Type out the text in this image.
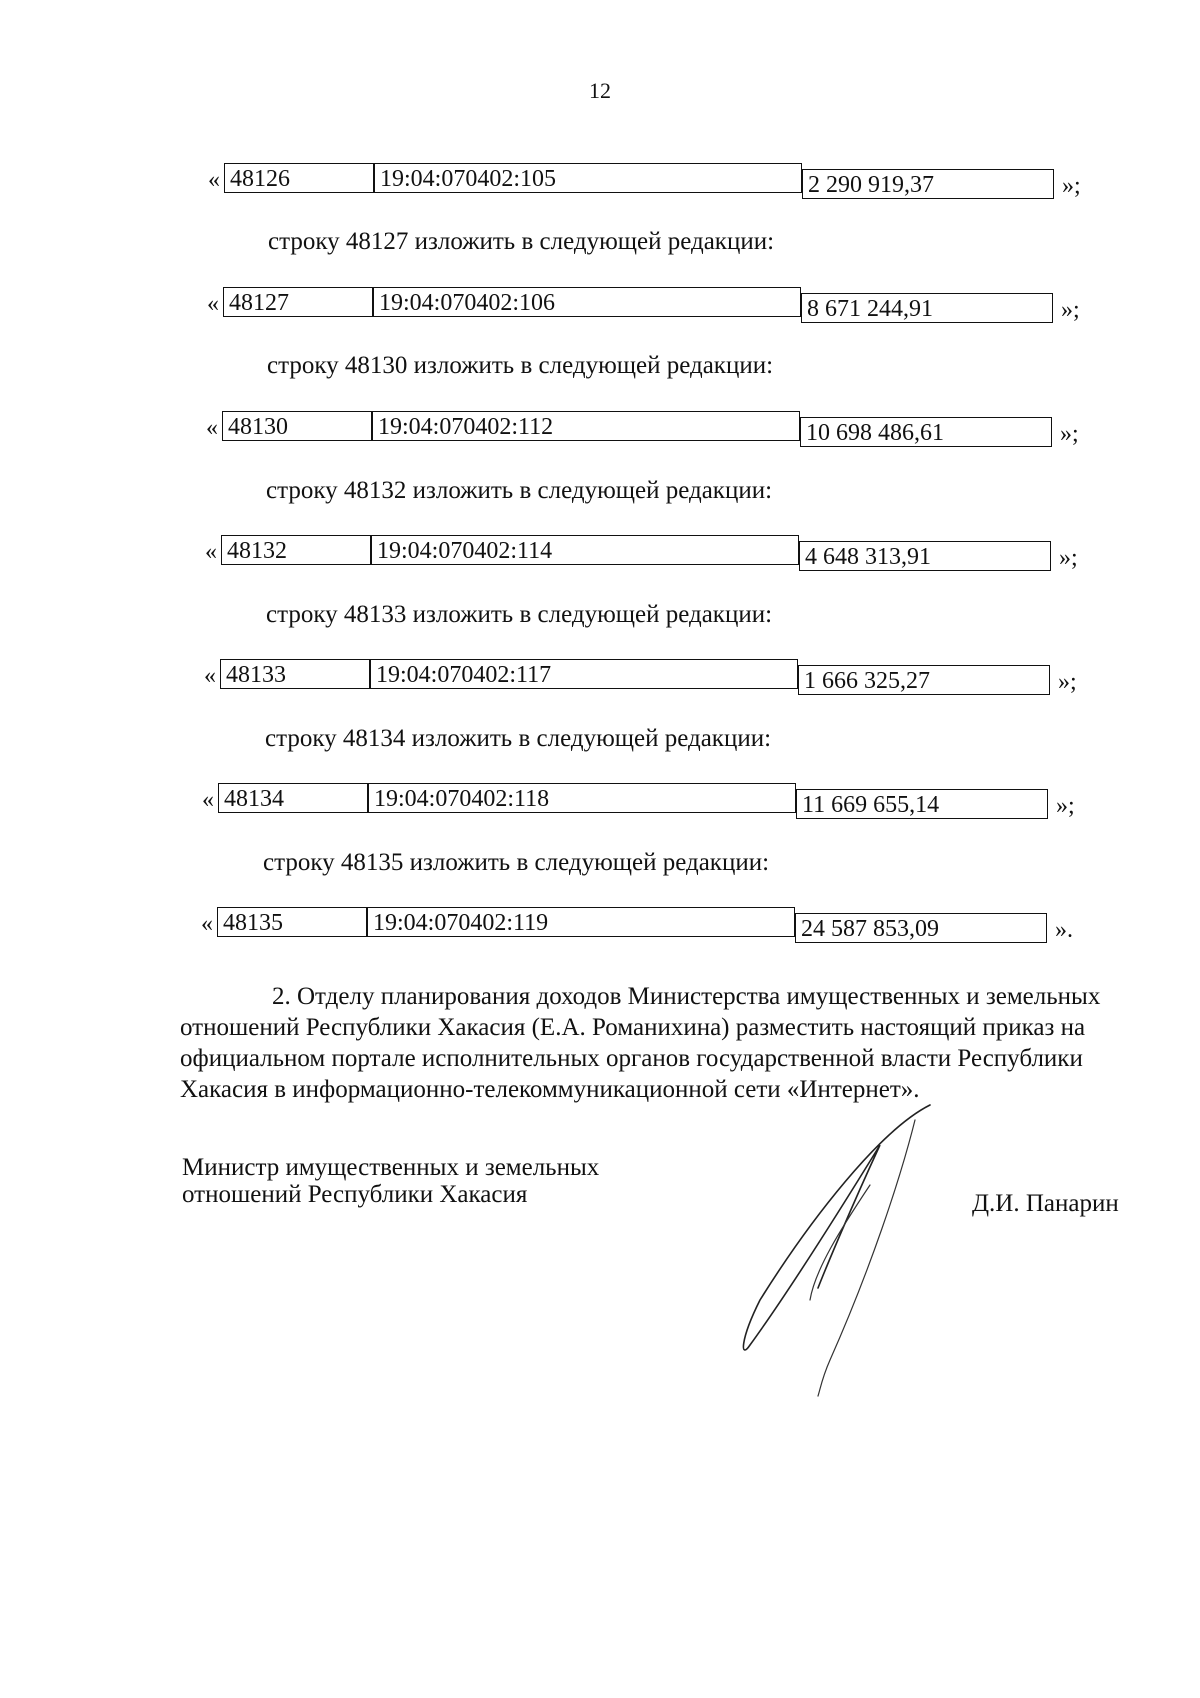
12
« 48126	19:04:070402:105	2 290 919,37	»;
строку 48127 изложить в следующей редакции:
« 48127	19:04:070402:106	8 671 244,91	»;
строку 48130 изложить в следующей редакции:
« 48130	19:04:070402:112	10 698 486,61	»;
строку 48132 изложить в следующей редакции:
« 48132	19:04:070402:114	4 648 313,91	»;
строку 48133 изложить в следующей редакции:
« 48133	19:04:070402:117	1 666 325,27	»;
строку 48134 изложить в следующей редакции:
« 48134	19:04:070402:118	11 669 655,14	»;
строку 48135 изложить в следующей редакции:
« 48135	19:04:070402:119	24 587 853,09	».
2. Отделу планирования доходов Министерства имущественных и земельных
отношений Республики Хакасия (Е.А. Романихина) разместить настоящий приказ на
официальном портале исполнительных органов государственной власти Республики
Хакасия в информационно-телекоммуникационной сети «Интернет».
Министр имущественных и земельных
отношений Республики Хакасия	Д.И. Панарин
